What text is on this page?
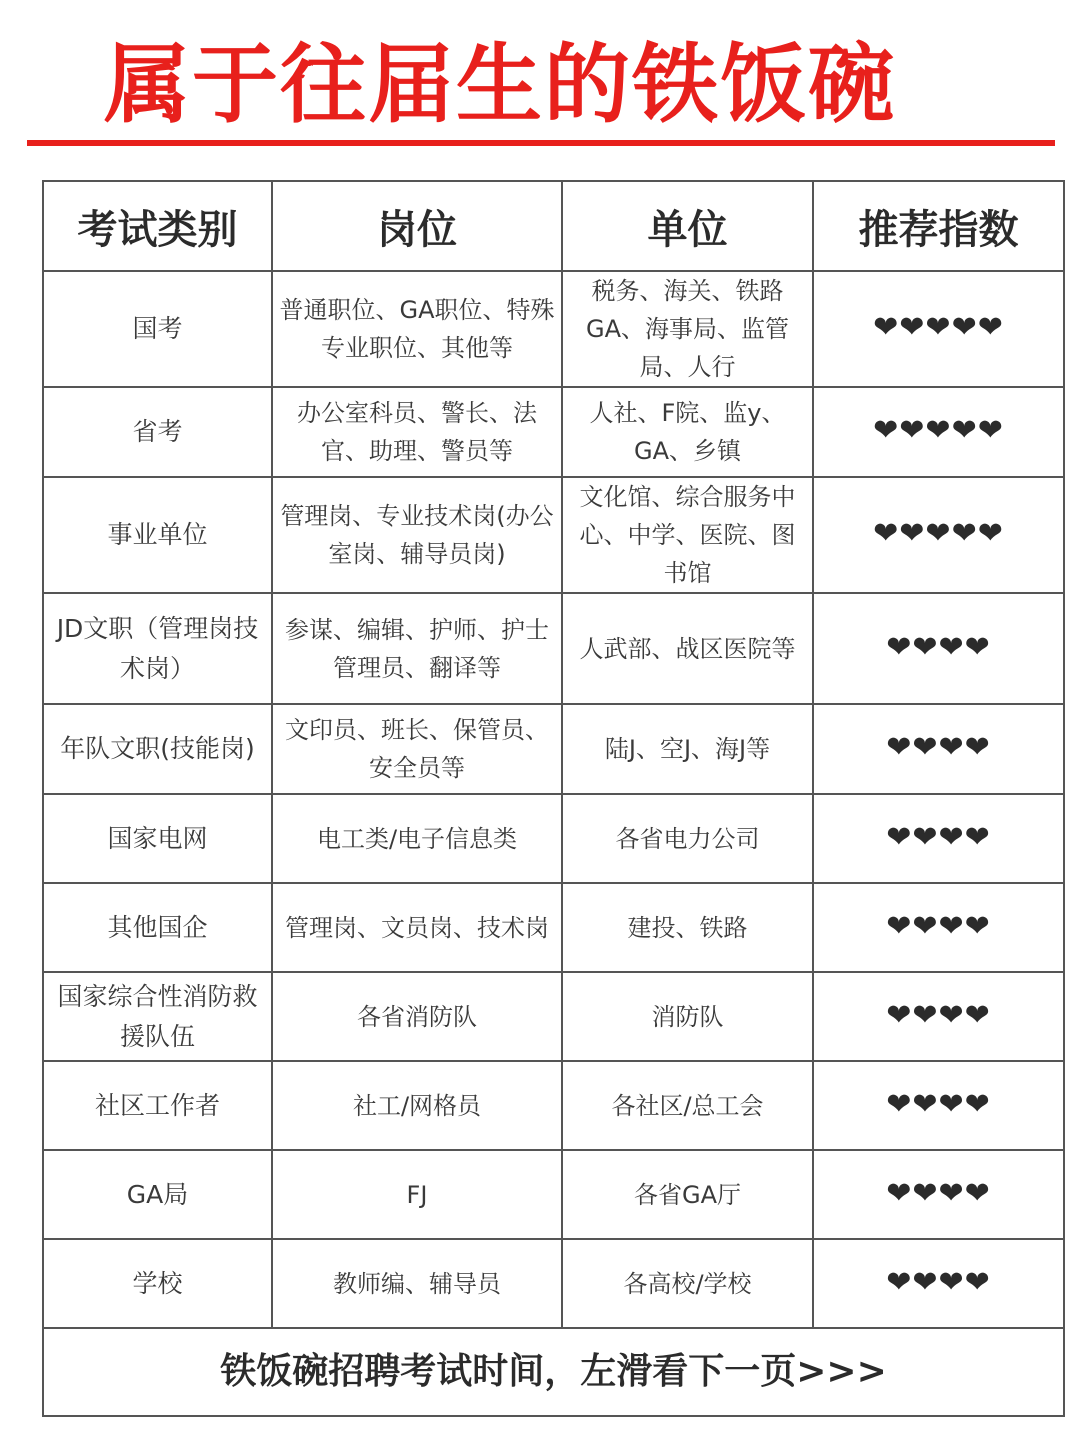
属于往届生的铁饭碗
考试类别	岗位	单位	推荐指数
国考	普通职位、GA职位、特殊专业职位、其他等	税务、海关、铁路GA、海事局、监管局、人行	❤❤❤❤❤
省考	办公室科员、警长、法官、助理、警员等	人社、F院、监y、GA、乡镇	❤❤❤❤❤
事业单位	管理岗、专业技术岗(办公室岗、辅导员岗)	文化馆、综合服务中心、中学、医院、图书馆	❤❤❤❤❤
JD文职（管理岗技术岗）	参谋、编辑、护师、护士管理员、翻译等	人武部、战区医院等	❤❤❤❤
年队文职(技能岗)	文印员、班长、保管员、安全员等	陆J、空J、海J等	❤❤❤❤
国家电网	电工类/电子信息类	各省电力公司	❤❤❤❤
其他国企	管理岗、文员岗、技术岗	建投、铁路	❤❤❤❤
国家综合性消防救援队伍	各省消防队	消防队	❤❤❤❤
社区工作者	社工/网格员	各社区/总工会	❤❤❤❤
GA局	FJ	各省GA厅	❤❤❤❤
学校	教师编、辅导员	各高校/学校	❤❤❤❤
铁饭碗招聘考试时间，左滑看下一页>>>			
